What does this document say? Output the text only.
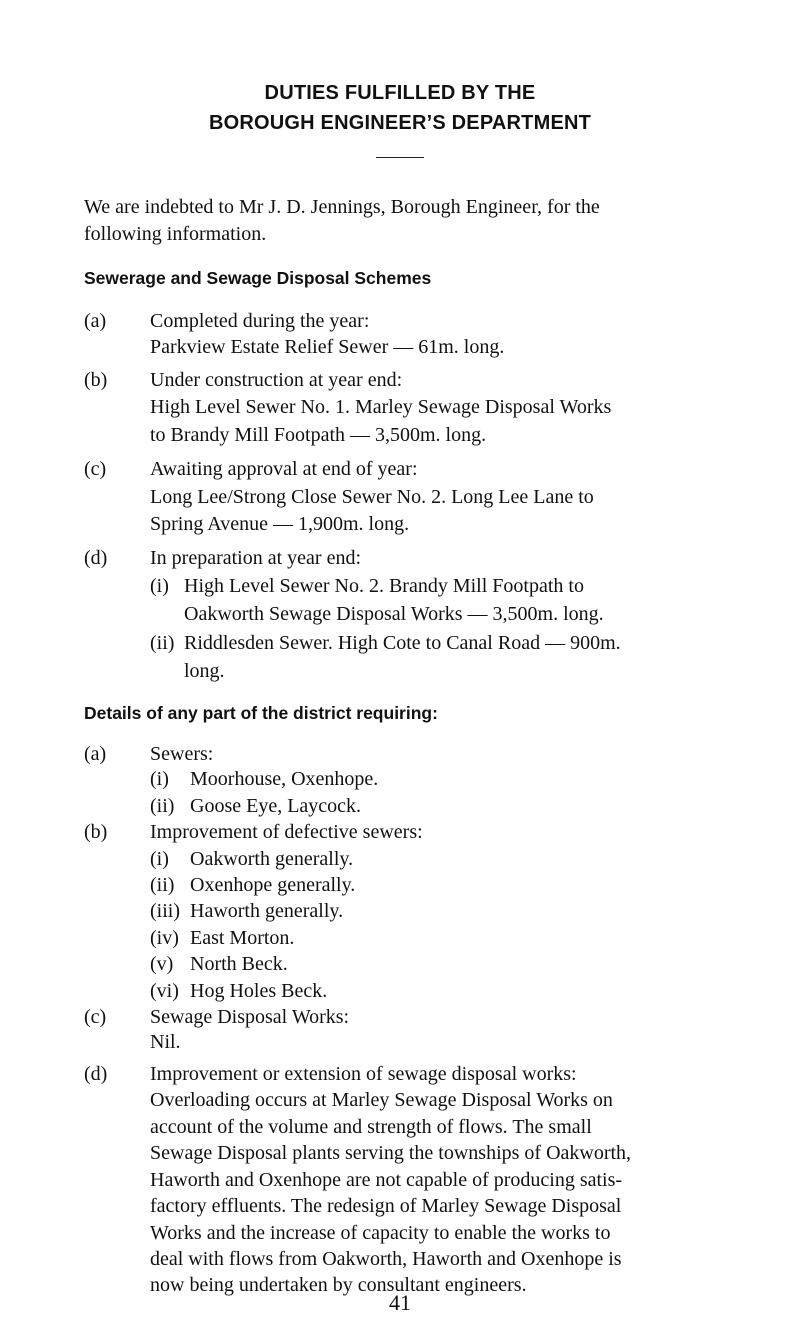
DUTIES FULFILLED BY THE
BOROUGH ENGINEER’S DEPARTMENT
We are indebted to Mr J. D. Jennings, Borough Engineer, for the
following information.
Sewerage and Sewage Disposal Schemes
(a) Completed during the year:
Parkview Estate Relief Sewer — 61m. long.
(b) Under construction at year end:
High Level Sewer No. 1. Marley Sewage Disposal Works
to Brandy Mill Footpath — 3,500m. long.
(c) Awaiting approval at end of year:
Long Lee/Strong Close Sewer No. 2. Long Lee Lane to
Spring Avenue — 1,900m. long.
(d) In preparation at year end:
(i) High Level Sewer No. 2. Brandy Mill Footpath to
Oakworth Sewage Disposal Works — 3,500m. long.
(ii) Riddlesden Sewer. High Cote to Canal Road — 900m.
long.
Details of any part of the district requiring:
(a) Sewers:
(i) Moorhouse, Oxenhope.
(ii) Goose Eye, Laycock.
(b) Improvement of defective sewers:
(i) Oakworth generally.
(ii) Oxenhope generally.
(iii) Haworth generally.
(iv) East Morton.
(v) North Beck.
(vi) Hog Holes Beck.
(c) Sewage Disposal Works:
Nil.
(d) Improvement or extension of sewage disposal works:
Overloading occurs at Marley Sewage Disposal Works on
account of the volume and strength of flows. The small
Sewage Disposal plants serving the townships of Oakworth,
Haworth and Oxenhope are not capable of producing satis-
factory effluents. The redesign of Marley Sewage Disposal
Works and the increase of capacity to enable the works to
deal with flows from Oakworth, Haworth and Oxenhope is
now being undertaken by consultant engineers.
41
